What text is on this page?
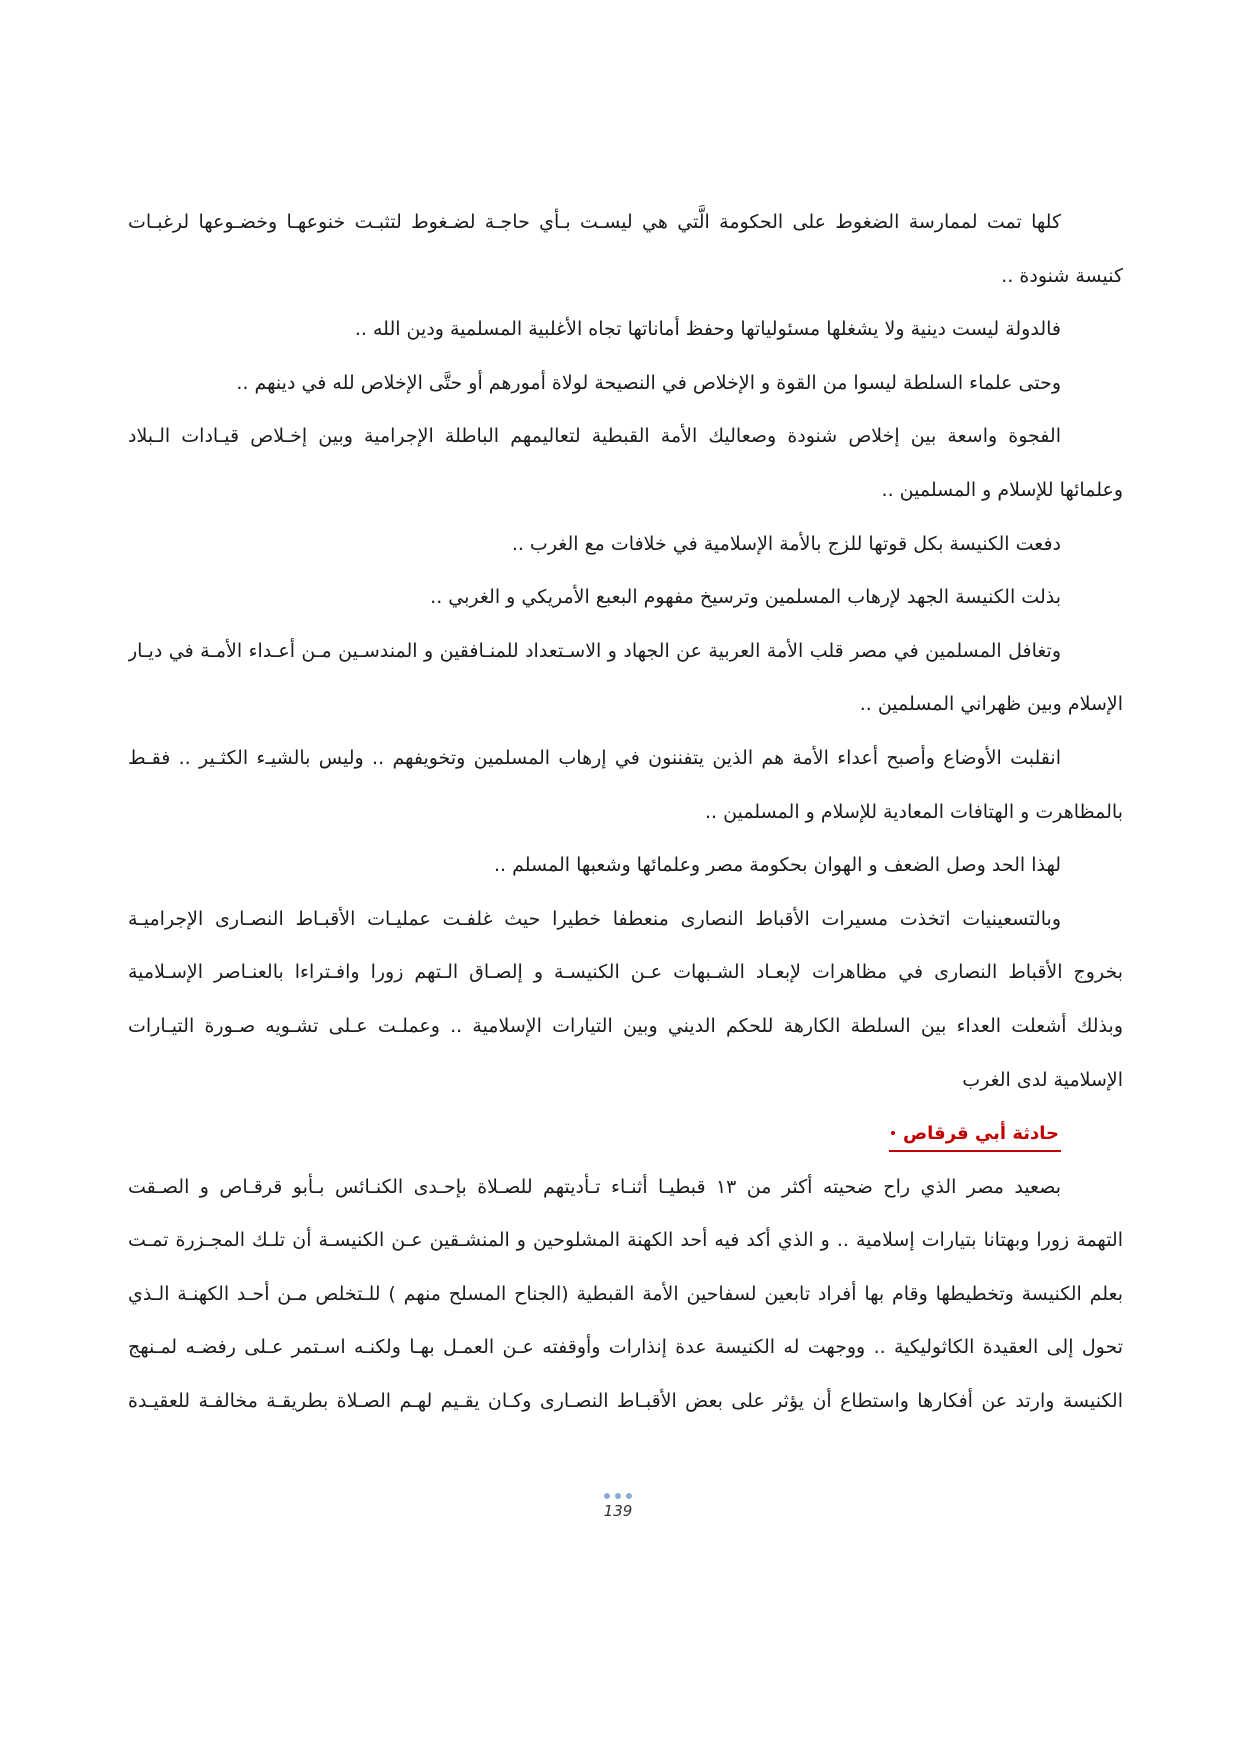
كلها تمت لممارسة الضغوط على الحكومة الَّتي هي ليسـت بـأي حاجـة لضـغوط لتثبـت خنوعهـا وخضـوعها لرغبـات
كنيسة شنودة ..
فالدولة ليست دينية ولا يشغلها مسئولياتها وحفظ أماناتها تجاه الأغلبية المسلمية ودين الله ..
وحتى علماء السلطة ليسوا من القوة و الإخلاص في النصيحة لولاة أمورهم أو حتَّى الإخلاص لله في دينهم ..
الفجوة واسعة بين إخلاص شنودة وصعاليك الأمة القبطية لتعاليمهم الباطلة الإجرامية وبين إخـلاص قيـادات الـبلاد
وعلمائها للإسلام و المسلمين ..
دفعت الكنيسة بكل قوتها للزج بالأمة الإسلامية في خلافات مع الغرب ..
بذلت الكنيسة الجهد لإرهاب المسلمين وترسيخ مفهوم البعبع الأمريكي و الغربي ..
وتغافل المسلمين في مصر قلب الأمة العربية عن الجهاد و الاسـتعداد للمنـافقين و المندسـين مـن أعـداء الأمـة في ديـار
الإسلام وبين ظهراني المسلمين ..
انقلبت الأوضاع وأصبح أعداء الأمة هم الذين يتفننون في إرهاب المسلمين وتخويفهم .. وليس بالشيـء الكثـير .. فقـط
بالمظاهرت و الهتافات المعادية للإسلام و المسلمين ..
لهذا الحد وصل الضعف و الهوان بحكومة مصر وعلمائها وشعبها المسلم ..
وبالتسعينيات اتخذت مسيرات الأقباط النصارى منعطفا خطيرا حيث غلفـت عمليـات الأقبـاط النصـارى الإجراميـة
بخروج الأقباط النصارى في مظاهرات لإبعـاد الشـبهات عـن الكنيسـة و إلصـاق الـتهم زورا وافـتراءا بالعنـاصر الإسـلامية
وبذلك أشعلت العداء بين السلطة الكارهة للحكم الديني وبين التيارات الإسلامية .. وعملـت عـلى تشـويه صـورة التيـارات
الإسلامية لدى الغرب
حادثة أبي قرقاص
بصعيد مصر الذي راح ضحيته أكثر من ١٣ قبطيـا أثنـاء تـأديتهم للصـلاة بإحـدى الكنـائس بـأبو قرقـاص و الصـقت
التهمة زورا وبهتانا بتيارات إسلامية .. و الذي أكد فيه أحد الكهنة المشلوحين و المنشـقين عـن الكنيسـة أن تلـك المجـزرة تمـت
بعلم الكنيسة وتخطيطها وقام بها أفراد تابعين لسفاحين الأمة القبطية (الجناح المسلح منهم ) للـتخلص مـن أحـد الكهنـة الـذي
تحول إلى العقيدة الكاثوليكية .. ووجهت له الكنيسة عدة إنذارات وأوقفته عـن العمـل بهـا ولكنـه اسـتمر عـلى رفضـه لمـنهج
الكنيسة وارتد عن أفكارها واستطاع أن يؤثر على بعض الأقبـاط النصـارى وكـان يقـيم لهـم الصـلاة بطريقـة مخالفـة للعقيـدة
139
